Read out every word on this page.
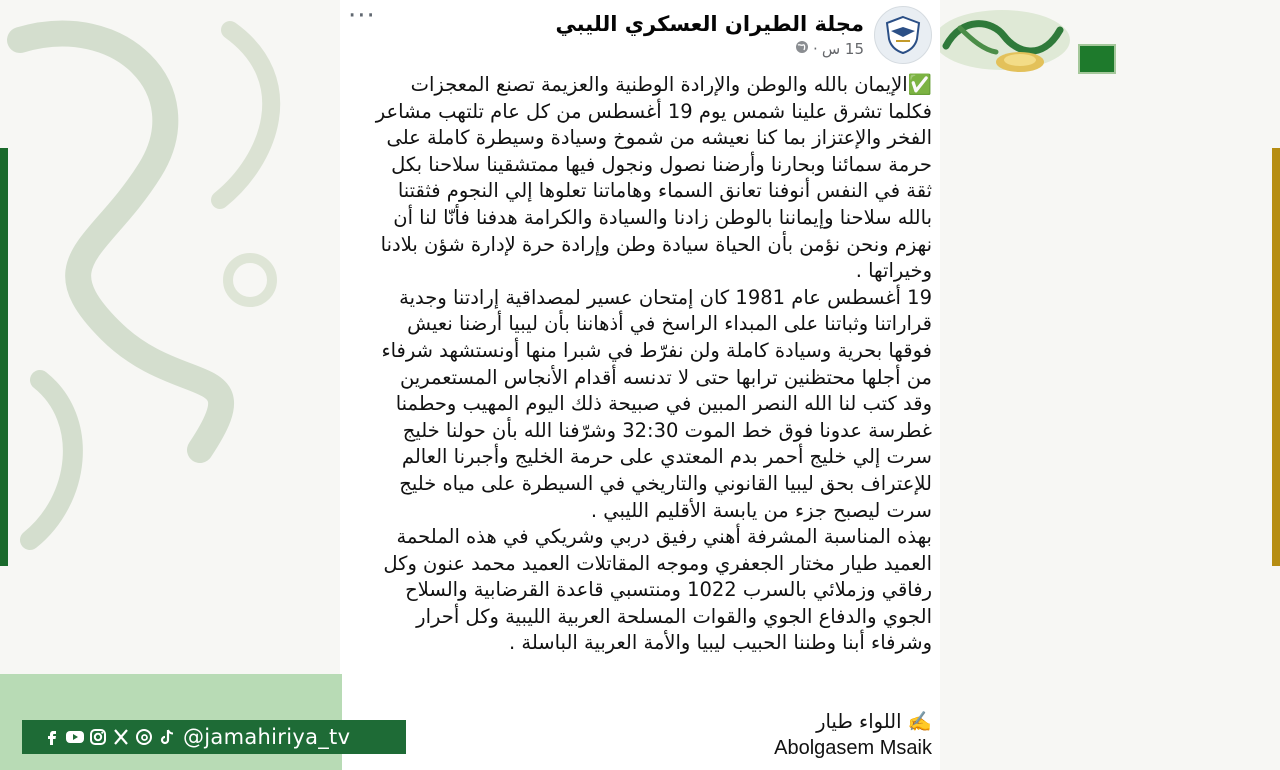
···	مجلة الطيران العسكري الليبي
15 س
·

✅الإيمان بالله والوطن والإرادة الوطنية والعزيمة تصنع المعجزات فكلما تشرق علينا شمس يوم 19 أغسطس من كل عام تلتهب مشاعر الفخر والإعتزاز بما كنا نعيشه من شموخ وسيادة وسيطرة كاملة على حرمة سمائنا وبحارنا وأرضنا نصول ونجول فيها ممتشقينا سلاحنا بكل ثقة في النفس أنوفنا تعانق السماء وهاماتنا تعلوها إلي النجوم فثقتنا بالله سلاحنا وإيماننا بالوطن زادنا والسيادة والكرامة هدفنا فأنّا لنا أن نهزم ونحن نؤمن بأن الحياة سيادة وطن وإرادة حرة لإدارة شؤن بلادنا وخيراتها .

19 أغسطس عام 1981 كان إمتحان عسير لمصداقية إرادتنا وجدية قراراتنا وثباتنا على المبداء الراسخ في أذهاننا بأن ليبيا أرضنا نعيش فوقها بحرية وسيادة كاملة ولن نفرّط في شبرا منها أونستشهد شرفاء من أجلها محتظنين ترابها حتى لا تدنسه أقدام الأنجاس المستعمرين وقد كتب لنا الله النصر المبين في صبيحة ذلك اليوم المهيب وحطمنا غطرسة عدونا فوق خط الموت 32:30 وشرّفنا الله بأن حولنا خليج سرت إلي خليج أحمر بدم المعتدي على حرمة الخليج وأجبرنا العالم للإعتراف بحق ليبيا القانوني والتاريخي في السيطرة على مياه خليج سرت ليصبح جزء من يابسة الأقليم الليبي .

بهذه المناسبة المشرفة أهني رفيق دربي وشريكي في هذه الملحمة العميد طيار مختار الجعفري وموجه المقاتلات العميد محمد عنون وكل رفاقي وزملائي بالسرب 1022 ومنتسبي قاعدة القرضابية والسلاح الجوي والدفاع الجوي والقوات المسلحة العربية الليبية وكل أحرار وشرفاء أبنا وطننا الحبيب ليبيا والأمة العربية الباسلة .

✍️ اللواء طيار
Abolgasem Msaik
@jamahiriya_tv
